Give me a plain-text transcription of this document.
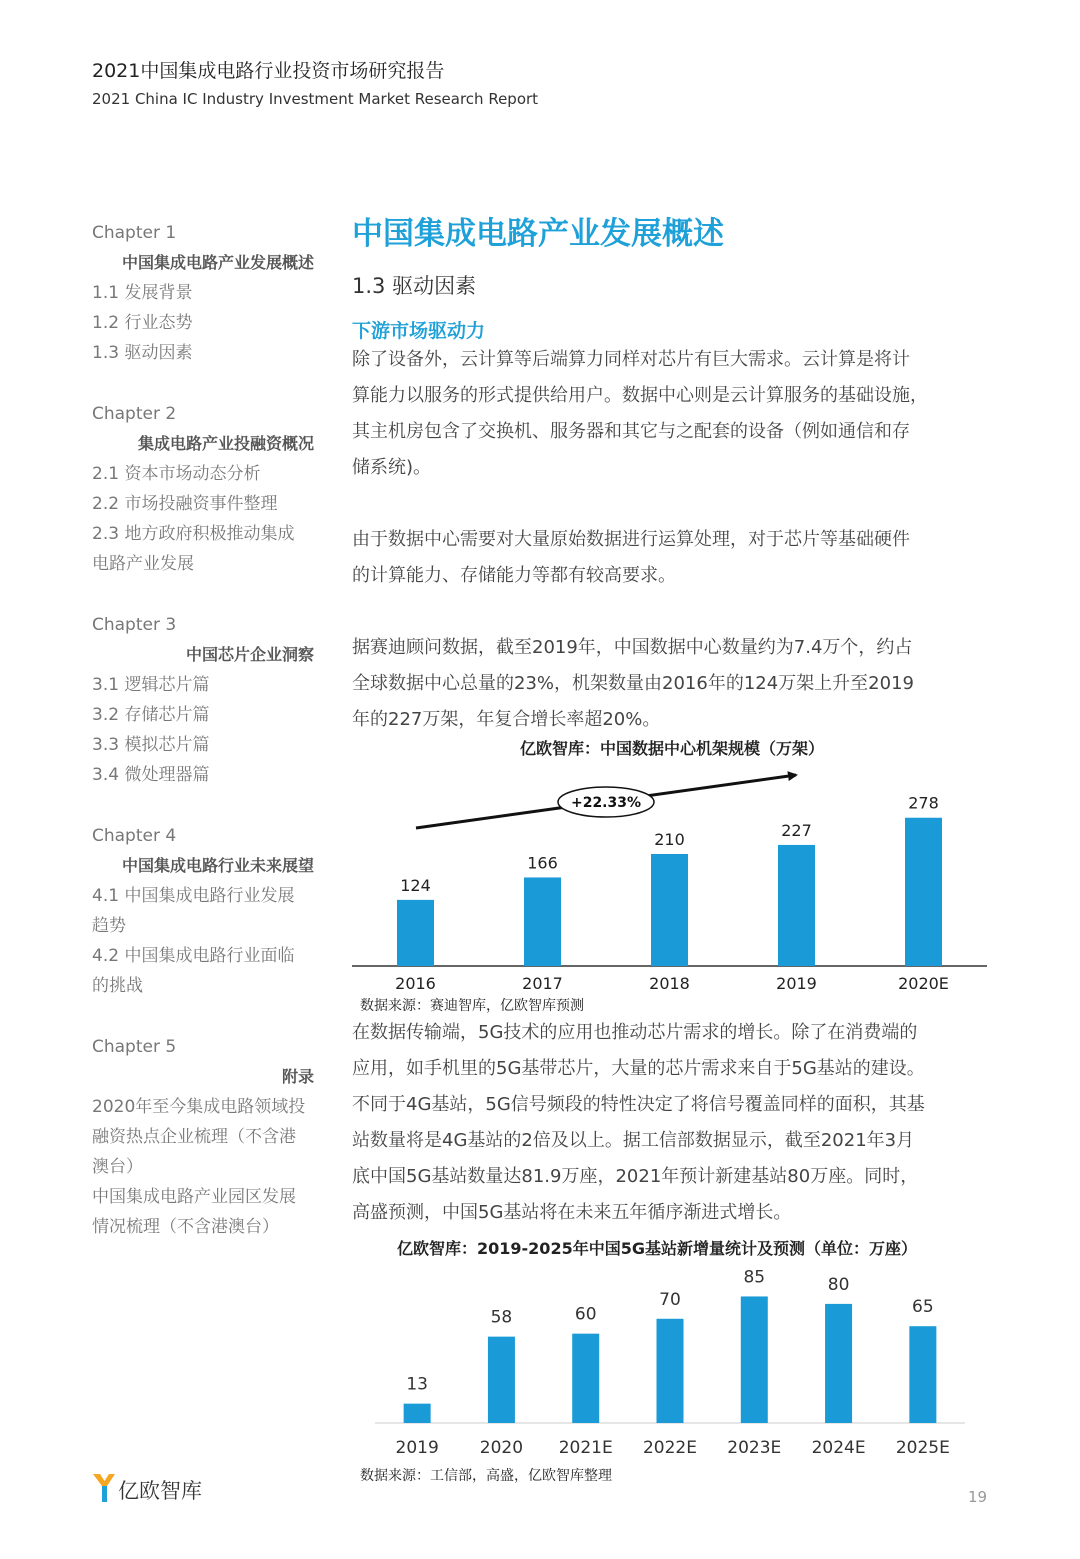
2021中国集成电路行业投资市场研究报告
2021 China IC Industry Investment Market Research Report
Chapter 1
中国集成电路产业发展概述
1.1 发展背景
1.2 行业态势
1.3 驱动因素
Chapter 2
集成电路产业投融资概况
2.1 资本市场动态分析
2.2 市场投融资事件整理
2.3 地方政府积极推动集成
电路产业发展
Chapter 3
中国芯片企业洞察
3.1 逻辑芯片篇
3.2 存储芯片篇
3.3 模拟芯片篇
3.4 微处理器篇
Chapter 4
中国集成电路行业未来展望
4.1 中国集成电路行业发展
趋势
4.2 中国集成电路行业面临
的挑战
Chapter 5
附录
2020年至今集成电路领域投
融资热点企业梳理（不含港
澳台）
中国集成电路产业园区发展
情况梳理（不含港澳台）
中国集成电路产业发展概述
1.3 驱动因素
下游市场驱动力
除了设备外，云计算等后端算力同样对芯片有巨大需求。云计算是将计
算能力以服务的形式提供给用户。数据中心则是云计算服务的基础设施，
其主机房包含了交换机、服务器和其它与之配套的设备（例如通信和存
储系统)。
由于数据中心需要对大量原始数据进行运算处理，对于芯片等基础硬件
的计算能力、存储能力等都有较高要求。
据赛迪顾问数据，截至2019年，中国数据中心数量约为7.4万个，约占
全球数据中心总量的23%，机架数量由2016年的124万架上升至2019
年的227万架，年复合增长率超20%。
亿欧智库：中国数据中心机架规模（万架）
124
2016
166
2017
210
2018
227
2019
278
2020E
+22.33%
数据来源：赛迪智库，亿欧智库预测
在数据传输端，5G技术的应用也推动芯片需求的增长。除了在消费端的
应用，如手机里的5G基带芯片，大量的芯片需求来自于5G基站的建设。
不同于4G基站，5G信号频段的特性决定了将信号覆盖同样的面积，其基
站数量将是4G基站的2倍及以上。据工信部数据显示，截至2021年3月
底中国5G基站数量达81.9万座，2021年预计新建基站80万座。同时，
高盛预测，中国5G基站将在未来五年循序渐进式增长。
亿欧智库：2019-2025年中国5G基站新增量统计及预测（单位：万座）
13
2019
58
2020
60
2021E
70
2022E
85
2023E
80
2024E
65
2025E
数据来源：工信部，高盛，亿欧智库整理
亿欧智库	19
